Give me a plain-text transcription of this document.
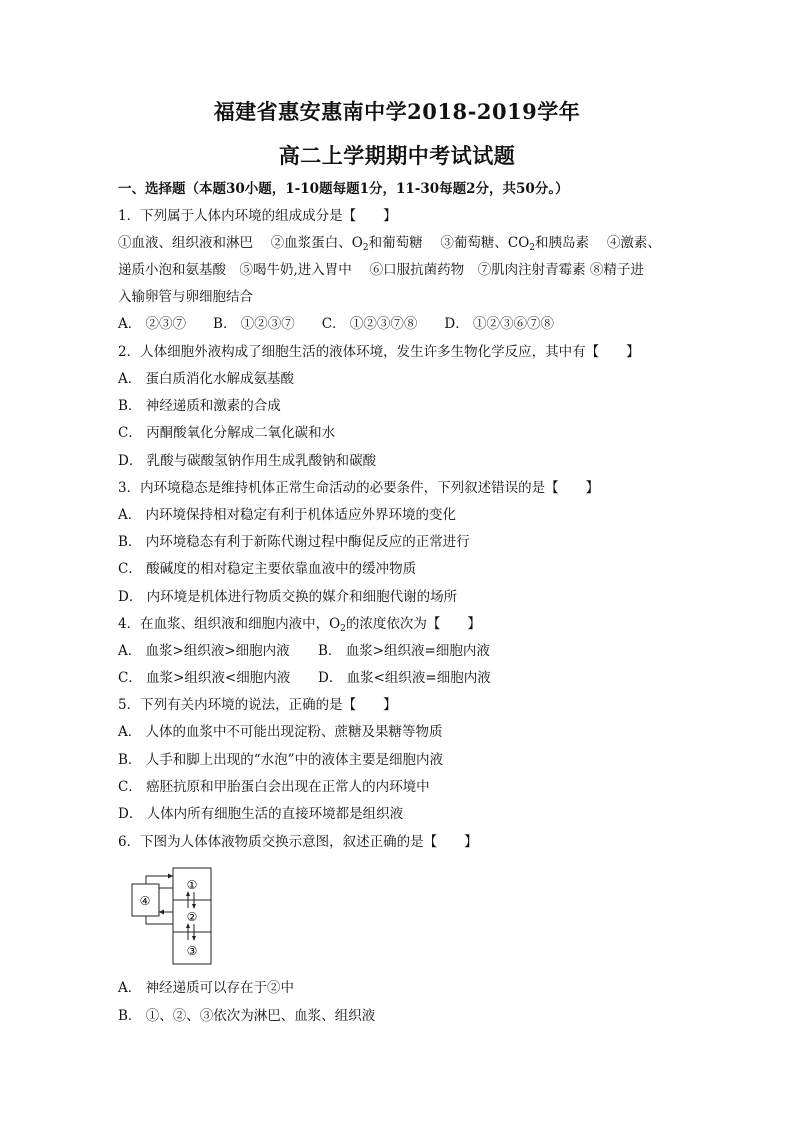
福建省惠安惠南中学2018-2019学年
高二上学期期中考试试题
一、选择题（本题30小题，1-10题每题1分，11-30每题2分，共50分。）
1．下列属于人体内环境的组成成分是【　　】
①血液、组织液和淋巴　 ②血浆蛋白、$O_2$和葡萄糖　 ③葡萄糖、$CO_2$和胰岛素　 ④激素、
递质小泡和氨基酸　⑤喝牛奶,进入胃中　 ⑥口服抗菌药物　⑦肌肉注射青霉素 ⑧精子进
入输卵管与卵细胞结合
A． ②③⑦　　B． ①②③⑦　　C． ①②③⑦⑧　　D． ①②③⑥⑦⑧
2．人体细胞外液构成了细胞生活的液体环境，发生许多生物化学反应，其中有【　　】
A． 蛋白质消化水解成氨基酸
B． 神经递质和激素的合成
C． 丙酮酸氧化分解成二氧化碳和水
D． 乳酸与碳酸氢钠作用生成乳酸钠和碳酸
3．内环境稳态是维持机体正常生命活动的必要条件，下列叙述错误的是【　　】
A． 内环境保持相对稳定有利于机体适应外界环境的变化
B． 内环境稳态有利于新陈代谢过程中酶促反应的正常进行
C． 酸碱度的相对稳定主要依靠血液中的缓冲物质
D． 内环境是机体进行物质交换的媒介和细胞代谢的场所
4．在血浆、组织液和细胞内液中，$O_2$的浓度依次为【　　】
A． 血浆>组织液>细胞内液 B． 血浆>组织液=细胞内液
C． 血浆>组织液<细胞内液 D． 血浆<组织液=细胞内液
5．下列有关内环境的说法，正确的是【　　】
A． 人体的血浆中不可能出现淀粉、蔗糖及果糖等物质
B． 人手和脚上出现的“水泡”中的液体主要是细胞内液
C． 癌胚抗原和甲胎蛋白会出现在正常人的内环境中
D． 人体内所有细胞生活的直接环境都是组织液
6．下图为人体体液物质交换示意图，叙述正确的是【　　】
①
②
③
④
A． 神经递质可以存在于②中
B． ①、②、③依次为淋巴、血浆、组织液
